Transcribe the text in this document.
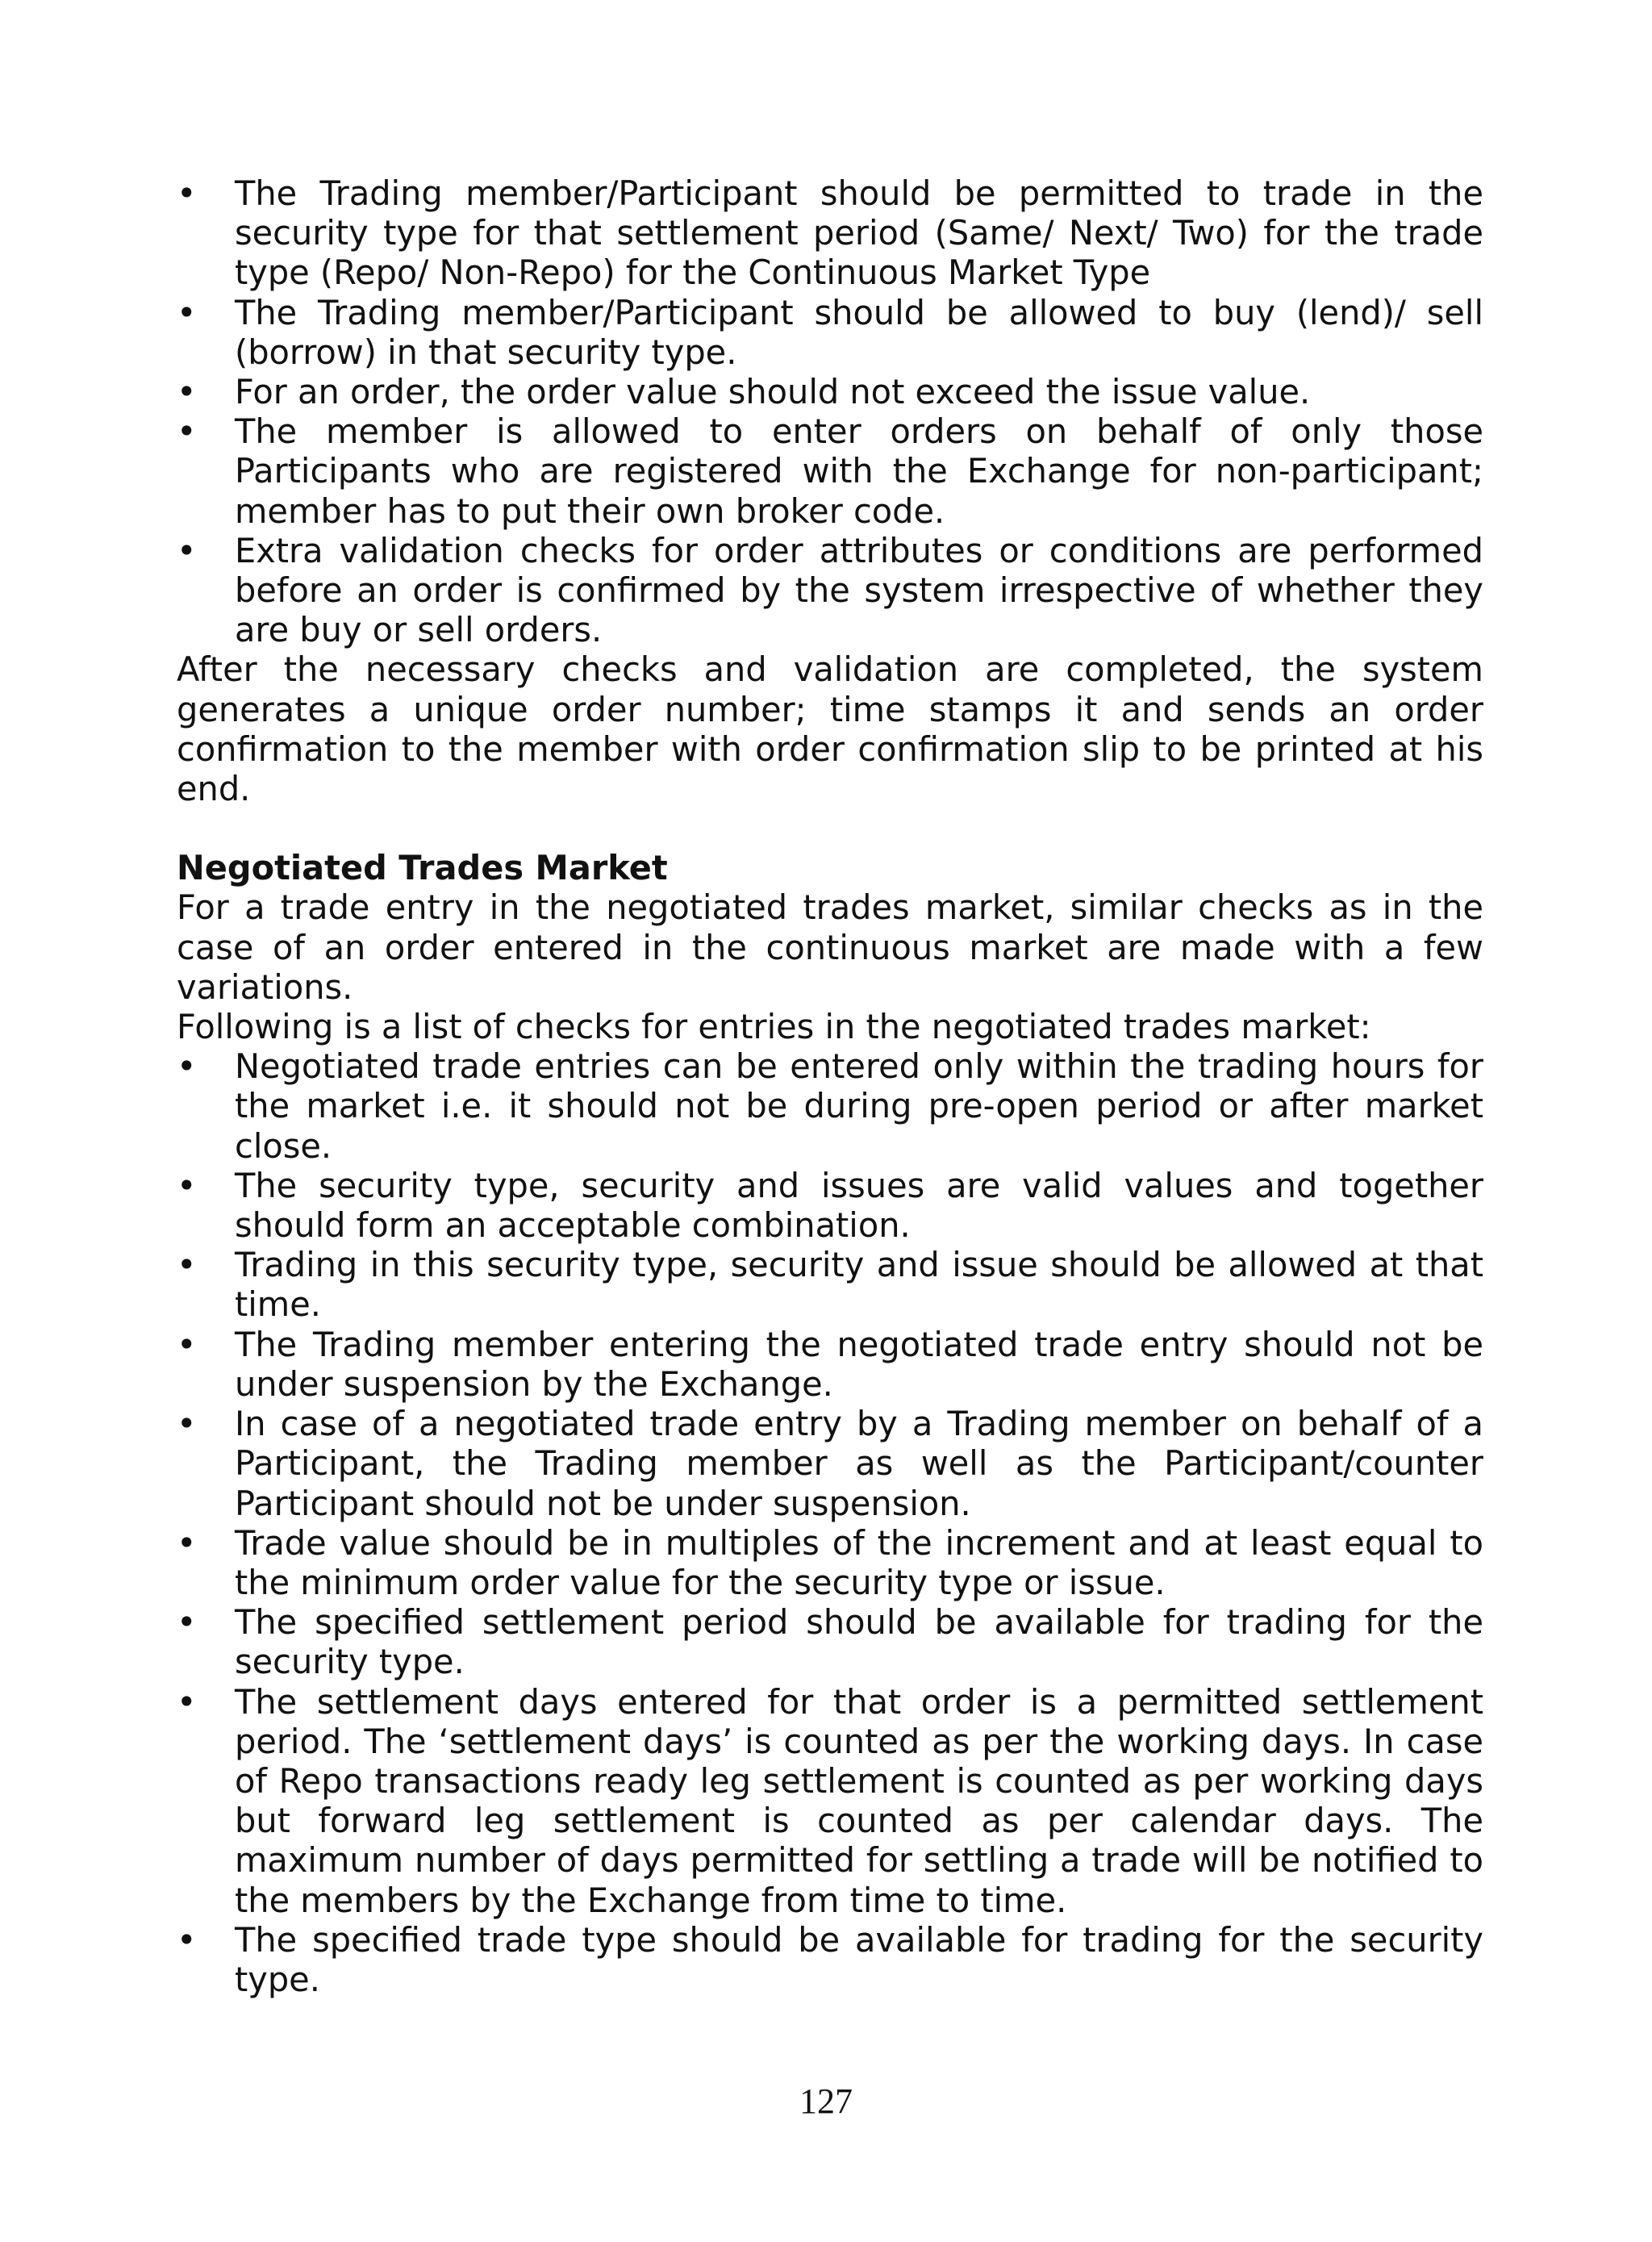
• The Trading member/Participant should be permitted to trade in the security type for that settlement period (Same/ Next/ Two) for the trade type (Repo/ Non-Repo) for the Continuous Market Type
• The Trading member/Participant should be allowed to buy (lend)/ sell (borrow) in that security type.
• For an order, the order value should not exceed the issue value.
• The member is allowed to enter orders on behalf of only those Participants who are registered with the Exchange for non-participant; member has to put their own broker code.
• Extra validation checks for order attributes or conditions are performed before an order is confirmed by the system irrespective of whether they are buy or sell orders.

After the necessary checks and validation are completed, the system generates a unique order number; time stamps it and sends an order confirmation to the member with order confirmation slip to be printed at his end.

Negotiated Trades Market

For a trade entry in the negotiated trades market, similar checks as in the case of an order entered in the continuous market are made with a few variations.

Following is a list of checks for entries in the negotiated trades market:

• Negotiated trade entries can be entered only within the trading hours for the market i.e. it should not be during pre-open period or after market close.
• The security type, security and issues are valid values and together should form an acceptable combination.
• Trading in this security type, security and issue should be allowed at that time.
• The Trading member entering the negotiated trade entry should not be under suspension by the Exchange.
• In case of a negotiated trade entry by a Trading member on behalf of a Participant, the Trading member as well as the Participant/counter Participant should not be under suspension.
• Trade value should be in multiples of the increment and at least equal to the minimum order value for the security type or issue.
• The specified settlement period should be available for trading for the security type.
• The settlement days entered for that order is a permitted settlement period. The ‘settlement days’ is counted as per the working days. In case of Repo transactions ready leg settlement is counted as per working days but forward leg settlement is counted as per calendar days. The maximum number of days permitted for settling a trade will be notified to the members by the Exchange from time to time.
• The specified trade type should be available for trading for the security type.
127
